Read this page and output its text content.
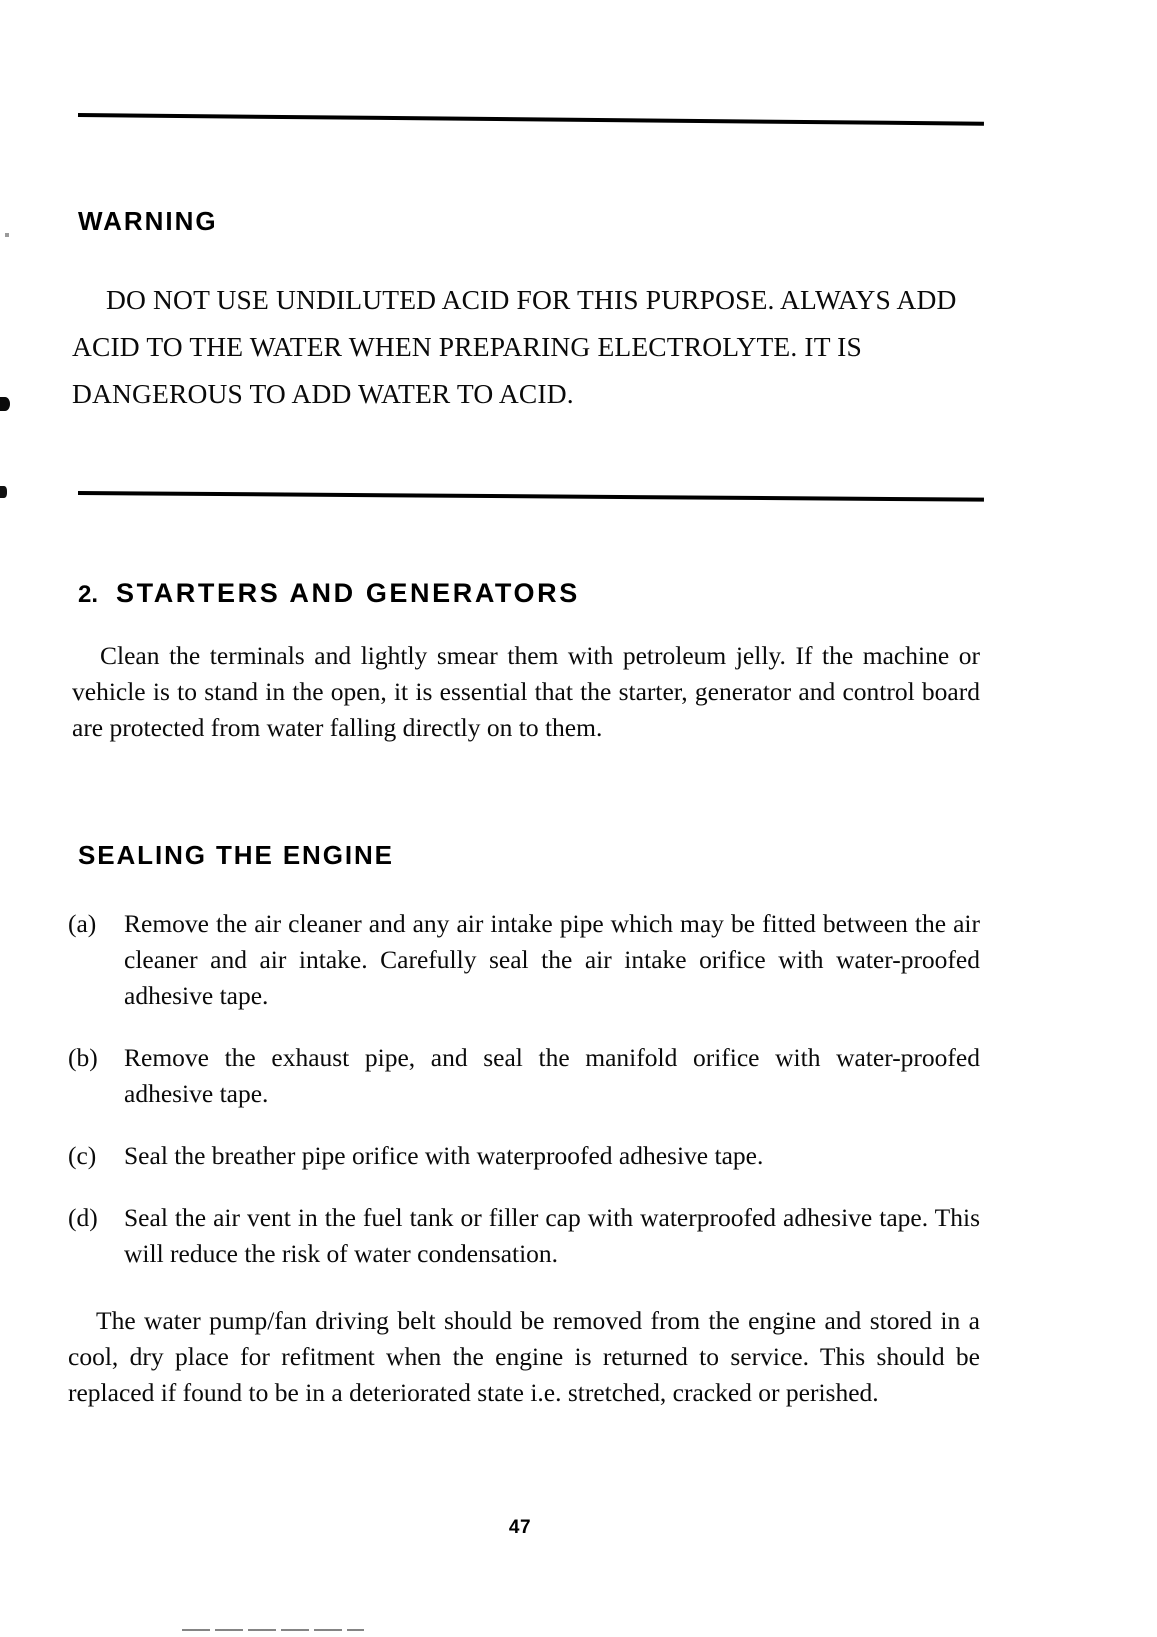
WARNING
DO NOT USE UNDILUTED ACID FOR THIS PURPOSE. ALWAYS ADD ACID TO THE WATER WHEN PREPARING ELECTROLYTE. IT IS DANGEROUS TO ADD WATER TO ACID.
2. STARTERS AND GENERATORS
Clean the terminals and lightly smear them with petroleum jelly. If the machine or vehicle is to stand in the open, it is essential that the starter, generator and control board are protected from water falling directly on to them.
SEALING THE ENGINE
(a)	Remove the air cleaner and any air intake pipe which may be fitted between the air cleaner and air intake. Carefully seal the air intake orifice with water-proofed adhesive tape.
(b)	Remove the exhaust pipe, and seal the manifold orifice with water-proofed adhesive tape.
(c)	Seal the breather pipe orifice with waterproofed adhesive tape.
(d)	Seal the air vent in the fuel tank or filler cap with waterproofed adhesive tape. This will reduce the risk of water condensation.
The water pump/fan driving belt should be removed from the engine and stored in a cool, dry place for refitment when the engine is returned to service. This should be replaced if found to be in a deteriorated state i.e. stretched, cracked or perished.
47
